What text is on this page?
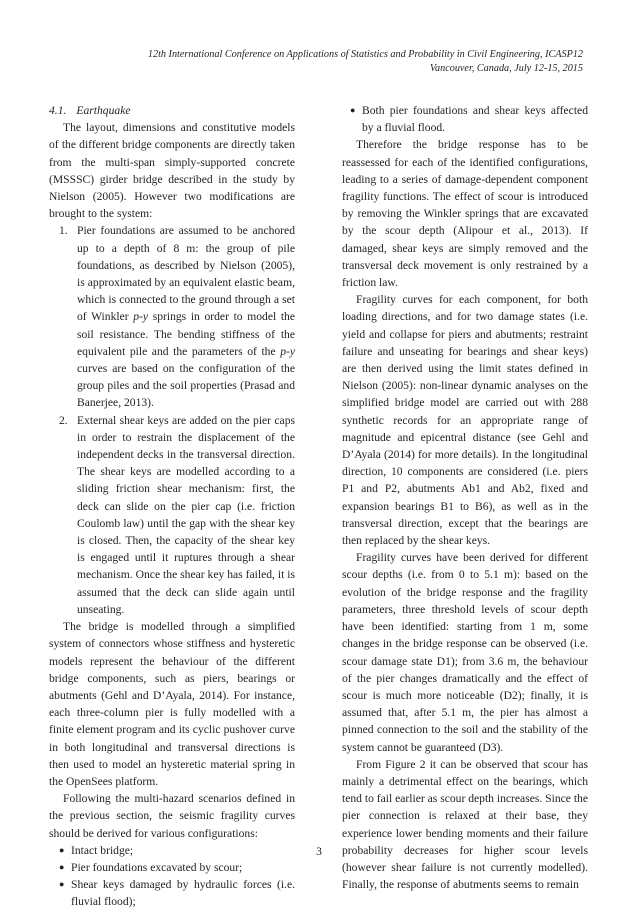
12th International Conference on Applications of Statistics and Probability in Civil Engineering, ICASP12
Vancouver, Canada, July 12-15, 2015

4.1. Earthquake

The layout, dimensions and constitutive models of the different bridge components are directly taken from the multi-span simply-supported concrete (MSSSC) girder bridge described in the study by Nielson (2005). However two modifications are brought to the system:

1. Pier foundations are assumed to be anchored up to a depth of 8 m: the group of pile foundations, as described by Nielson (2005), is approximated by an equivalent elastic beam, which is connected to the ground through a set of Winkler p-y springs in order to model the soil resistance. The bending stiffness of the equivalent pile and the parameters of the p-y curves are based on the configuration of the group piles and the soil properties (Prasad and Banerjee, 2013).
2. External shear keys are added on the pier caps in order to restrain the displacement of the independent decks in the transversal direction. The shear keys are modelled according to a sliding friction shear mechanism: first, the deck can slide on the pier cap (i.e. friction Coulomb law) until the gap with the shear key is closed. Then, the capacity of the shear key is engaged until it ruptures through a shear mechanism. Once the shear key has failed, it is assumed that the deck can slide again until unseating.

The bridge is modelled through a simplified system of connectors whose stiffness and hysteretic models represent the behaviour of the different bridge components, such as piers, bearings or abutments (Gehl and D’Ayala, 2014). For instance, each three-column pier is fully modelled with a finite element program and its cyclic pushover curve in both longitudinal and transversal directions is then used to model an hysteretic material spring in the OpenSees platform.

Following the multi-hazard scenarios defined in the previous section, the seismic fragility curves should be derived for various configurations:

● Intact bridge;
● Pier foundations excavated by scour;
● Shear keys damaged by hydraulic forces (i.e. fluvial flood);
● Both pier foundations and shear keys affected by a fluvial flood.

Therefore the bridge response has to be reassessed for each of the identified configurations, leading to a series of damage-dependent component fragility functions. The effect of scour is introduced by removing the Winkler springs that are excavated by the scour depth (Alipour et al., 2013). If damaged, shear keys are simply removed and the transversal deck movement is only restrained by a friction law.

Fragility curves for each component, for both loading directions, and for two damage states (i.e. yield and collapse for piers and abutments; restraint failure and unseating for bearings and shear keys) are then derived using the limit states defined in Nielson (2005): non-linear dynamic analyses on the simplified bridge model are carried out with 288 synthetic records for an appropriate range of magnitude and epicentral distance (see Gehl and D’Ayala (2014) for more details). In the longitudinal direction, 10 components are considered (i.e. piers P1 and P2, abutments Ab1 and Ab2, fixed and expansion bearings B1 to B6), as well as in the transversal direction, except that the bearings are then replaced by the shear keys.

Fragility curves have been derived for different scour depths (i.e. from 0 to 5.1 m): based on the evolution of the bridge response and the fragility parameters, three threshold levels of scour depth have been identified: starting from 1 m, some changes in the bridge response can be observed (i.e. scour damage state D1); from 3.6 m, the behaviour of the pier changes dramatically and the effect of scour is much more noticeable (D2); finally, it is assumed that, after 5.1 m, the pier has almost a pinned connection to the soil and the stability of the system cannot be guaranteed (D3).

From Figure 2 it can be observed that scour has mainly a detrimental effect on the bearings, which tend to fail earlier as scour depth increases. Since the pier connection is relaxed at their base, they experience lower bending moments and their failure probability decreases for higher scour levels (however shear failure is not currently modelled). Finally, the response of abutments seems to remain

3
